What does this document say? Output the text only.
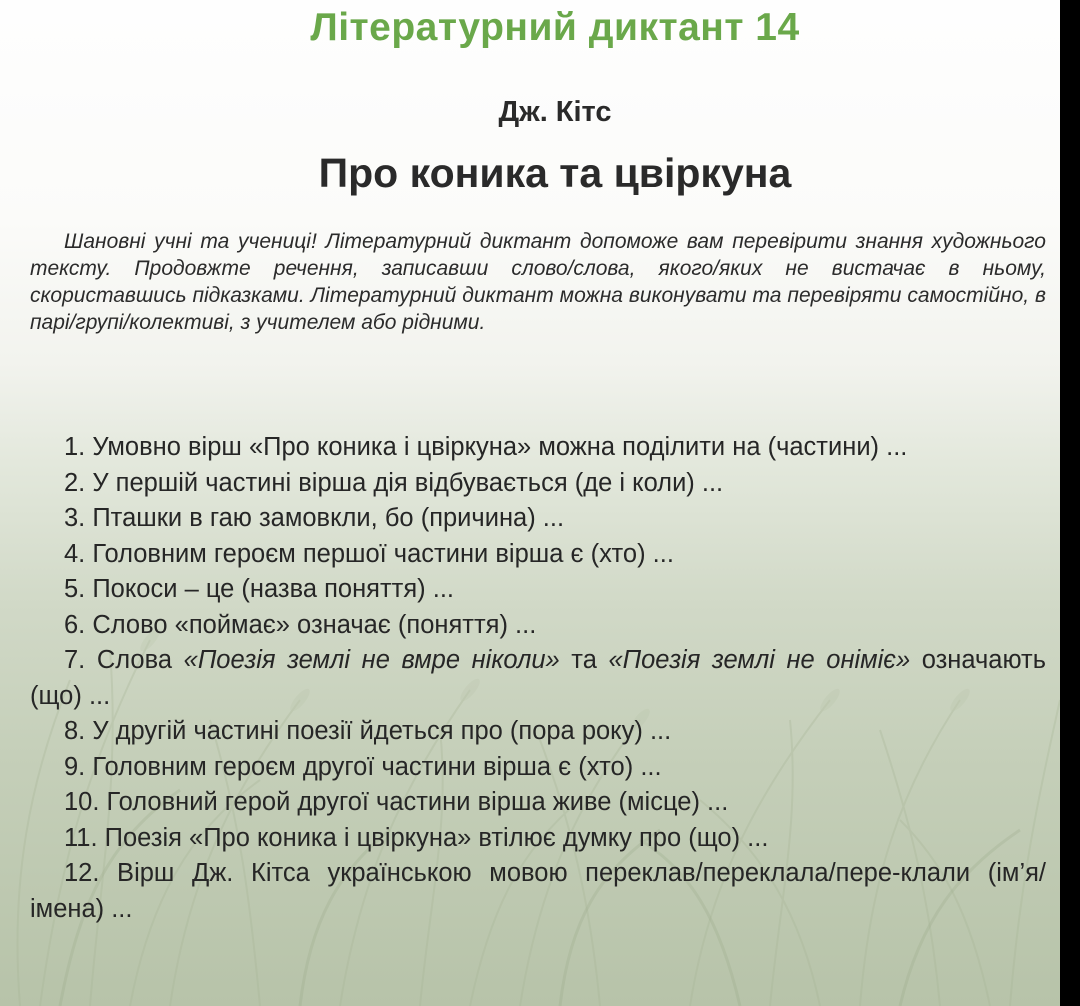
Літературний диктант 14
Дж. Кітс
Про коника та цвіркуна
Шановні учні та учениці! Літературний диктант допоможе вам перевірити знання художнього тексту. Продовжте речення, записавши слово/слова, якого/яких не вистачає в ньому, скориставшись підказками. Літературний диктант можна виконувати та перевіряти самостійно, в парі/групі/колективі, з учителем або рідними.
1. Умовно вірш «Про коника і цвіркуна» можна поділити на (частини) ...
2. У першій частині вірша дія відбувається (де і коли) ...
3. Пташки в гаю замовкли, бо (причина) ...
4. Головним героєм першої частини вірша є (хто) ...
5. Покоси – це (назва поняття) ...
6. Слово «поймає» означає (поняття) ...
7. Слова «Поезія землі не вмре ніколи» та «Поезія землі не оніміє» означають (що) ...
8. У другій частині поезії йдеться про (пора року) ...
9. Головним героєм другої частини вірша є (хто) ...
10. Головний герой другої частини вірша живе (місце) ...
11. Поезія «Про коника і цвіркуна» втілює думку про (що) ...
12. Вірш Дж. Кітса українською мовою переклав/переклала/пере-клали (ім’я/імена) ...
